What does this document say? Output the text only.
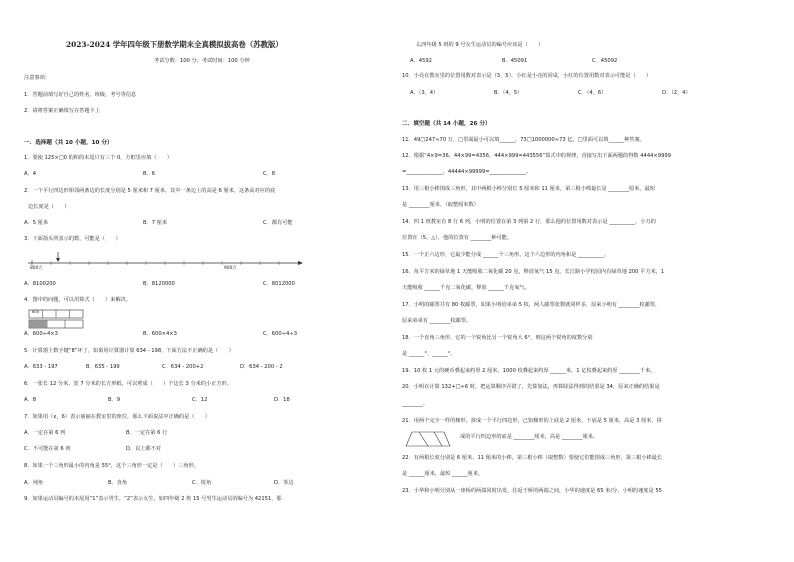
2023-2024 学年四年级下册数学期末全真模拟拔高卷（苏教版）
考试分数：100 分；考试时间：100 分钟
注意事项：
1．答题前填写好自己的姓名、班级、考号等信息
2．请将答案正确填写在答题卡上
一．选择题（共 10 小题，10 分）
1．要使 125×□0 的积的末尾只有三个 0，方框里应填（　　）
A．4	B．6	C．8
2．一个平行四边形相邻两条边的长度分别是 5 厘米和 7 厘米，其中一条边上的高是 6 厘米，这条高对应的底
边长度是（　　）
A．5 厘米	B．7 厘米	C．都有可能
3．下面箭头所表示的数，可能是（　　）
800万	900万
A．8100200	B．8120000	C．8012000
4．图中的问题，可以用算式（　　）来解决。
600
A．600÷4×3	B．600×4×3	C．600÷4÷3
5．计算器上数字键“8”坏了，如果用计算器计算 634 - 198，下面方法不正确的是（　　）
A．633 - 197	B．635 - 199	C．634 - 200+2	D．634 - 200 - 2
6．一张长 12 分米、宽 7 分米的长方形纸，可以剪成（　　）个边长 3 分米的小正方形。
A．8	B．9	C．12	D．18
7．如果用（x，6）表示丽丽在教室里的座位，那么下面说法中正确的是（　　）
A．一定在第 6 列	B．一定在第 6 行
C．不可能在第 6 列	D．以上都不对
8．如果一个三角形最小的内角是 55°，这个三角形一定是（　　）三角形。
A．钝角	B．直角	C．锐角	D．等边
9．如果运动员编号的末尾用“1”表示男生，“2”表示女生，如四年级 2 班 15 号男生运动员的编号为 42151，那
么四年级 5 班的 9 号女生运动员的编号应该是（　　）
A．4592	B．45091	C．45092
10．小亮在教室里的位置用数对表示是（3，5），小红是小亮的同桌，小红的位置用数对表示可能是（　　）
A．（3，4）	B．（4，5）	C．（4，6）	D．（2，4）
二．填空题（共 14 小题，26 分）
11．49□247≈70 万，□里面最小可以填______，73□1000000≈73 亿，□里面可以填______种答案。
12．根据“4×9=36，44×99=4356，444×999=443556”算式中的规律，直接写出下面两题的得数 4444×9999
=______________，44444×99999=______________。
13．用三根小棒围成三角形，其中两根小棒分别长 5 厘米和 11 厘米，第三根小棒最长是 ________厘米，最短
是 ________厘米。（取整厘米数）
14．四 1 班教室有 8 行 6 列，小明的位置在第 3 列第 2 行，那么他的位置用数对表示是 __________，小力的
位置在（5，△），他的位置有 ________种可能。
15．一个正六边形，它最少能分成 ______个三角形，这个六边形的内角和是 __________。
16．每平方米的绿草地 1 天能吸收二氧化碳 20 克，释放氧气 15 克。长江路小学校园内有绿草地 200 平方米，1
天能吸收 ______千克二氧化碳，释放 ______千克氧气。
17．小明的邮票共有 80 枚邮票，如果小明给弟弟 5 枚，两人邮票张数就同样多，原来小明有 ________枚邮票，
原来弟弟有 ________枚邮票。
18．一个直角三角形，它的一个锐角比另一个锐角大 6°，则这两个锐角的度数分别
是 ______°、______°。
19．10 枚 1 元的硬币叠起来约厚 2 厘米，1000 枚叠起来约厚 ______米，1 亿枚叠起来约厚 ________千米。
20．小明在计算 132+□÷6 时，把运算顺序弄错了，先算加法，再算除法得到的结果是 34，原来正确的结果是
________。
21．用两个完全一样的梯形，拼成一个平行四边形，已知梯形的上底是 2 厘米，下底是 5 厘米，高是 3 厘米，拼
成的平行四边形的底是 ________厘米，高是 ________厘米。
22．有两根长度分别是 6 厘米、11 厘米的小棒，第三根小棒（取整数）要使它们能围成三角形，第三根小棒最长
是 ______厘米，最短 ______厘米。
23．小华和小明分别从一座桥的两端同时出发，往返于桥的两端之间，小华的速度是 65 米/分，小明的速度是 55
